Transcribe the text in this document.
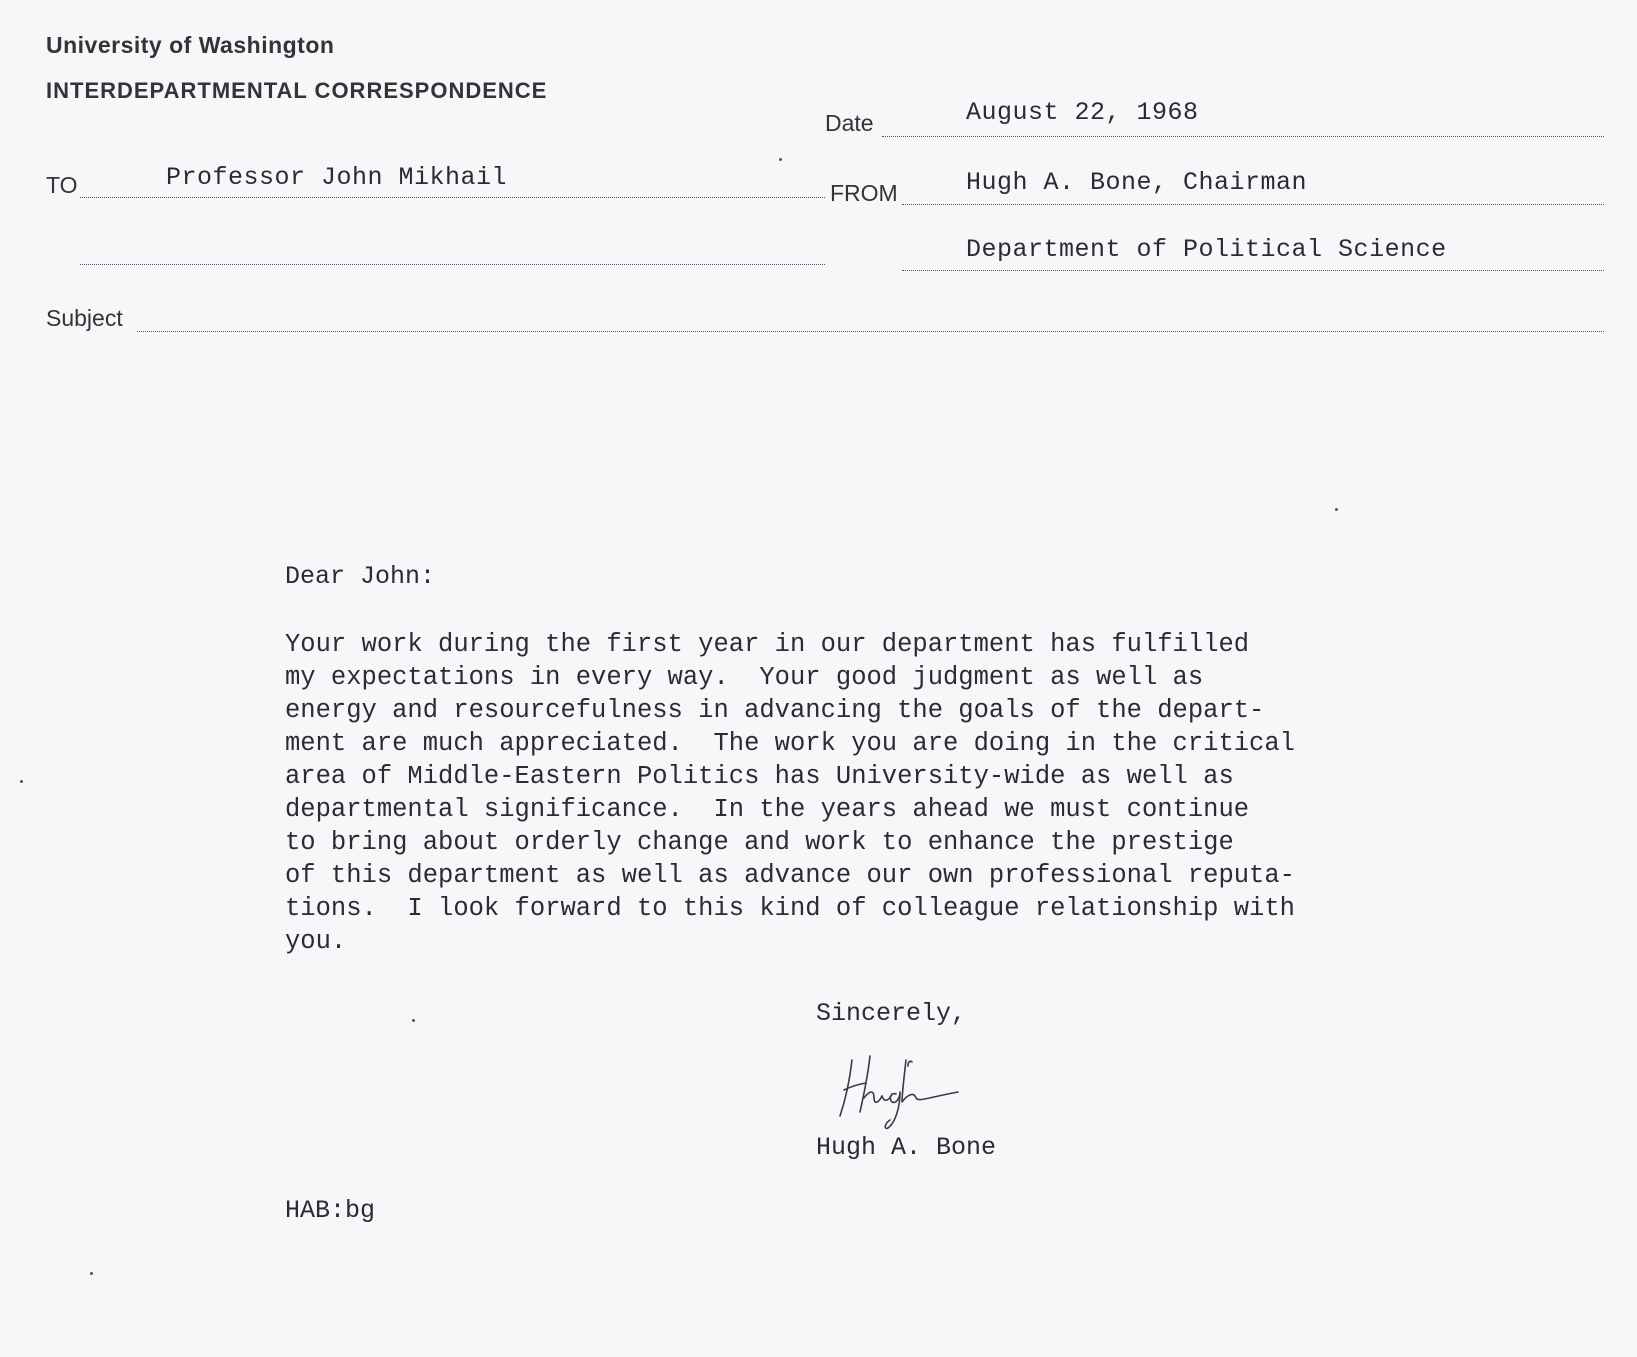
University of Washington
INTERDEPARTMENTAL CORRESPONDENCE
Date	August 22, 1968
TO	Professor John Mikhail
FROM	Hugh A. Bone, Chairman
Department of Political Science
Subject
Dear John:

Your work during the first year in our department has fulfilled
my expectations in every way.  Your good judgment as well as
energy and resourcefulness in advancing the goals of the depart-
ment are much appreciated.  The work you are doing in the critical
area of Middle-Eastern Politics has University-wide as well as
departmental significance.  In the years ahead we must continue
to bring about orderly change and work to enhance the prestige
of this department as well as advance our own professional reputa-
tions.  I look forward to this kind of colleague relationship with
you.

Sincerely,
Hugh A. Bone
HAB:bg
